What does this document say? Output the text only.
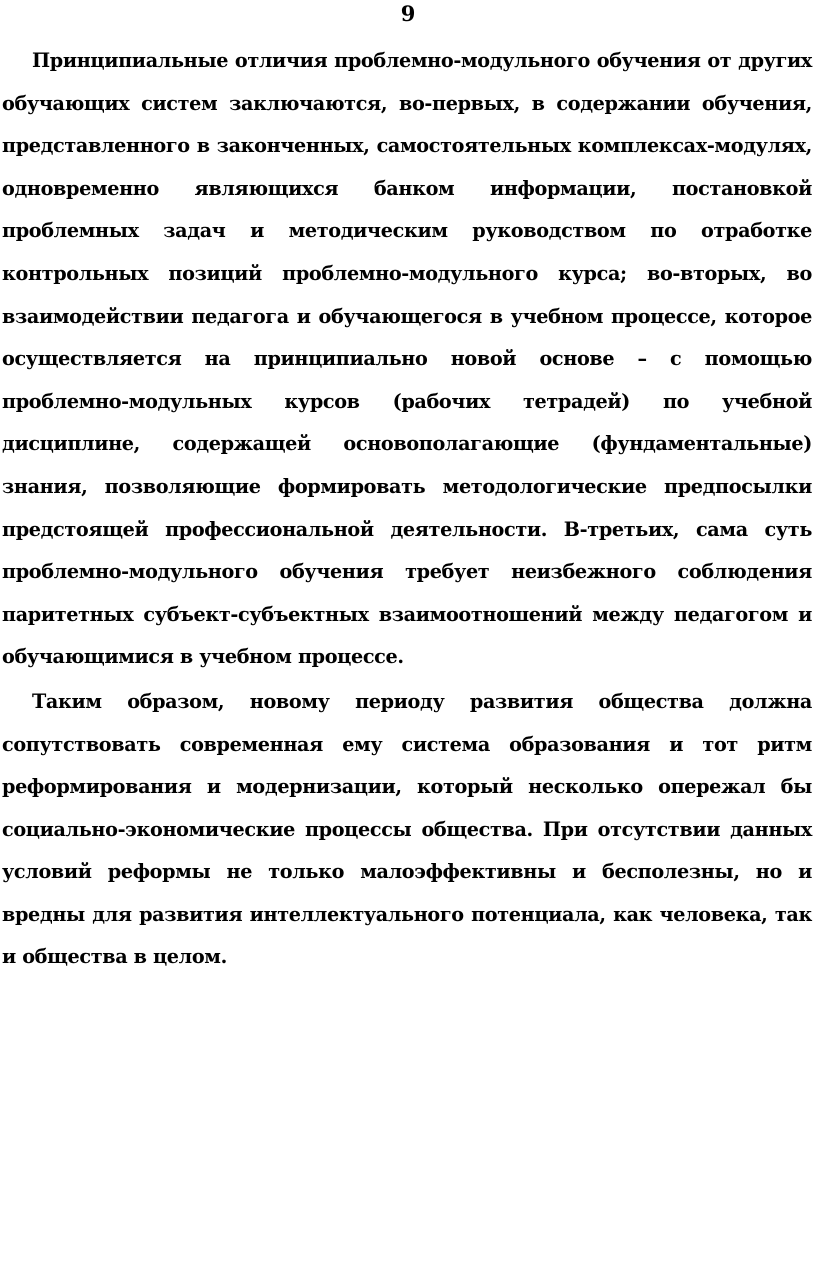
9

Принципиальные отличия проблемно-модульного обучения от других обучающих систем заключаются, во-первых, в содержании обучения, представленного в законченных, самостоятельных комплексах-модулях, одновременно являющихся банком информации, постановкой проблемных задач и методическим руководством по отработке контрольных позиций проблемно-модульного курса; во-вторых, во взаимодействии педагога и обучающегося в учебном процессе, которое осуществляется на принципиально новой основе – с помощью проблемно-модульных курсов (рабочих тетрадей) по учебной дисциплине, содержащей основополагающие (фундаментальные) знания, позволяющие формировать методологические предпосылки предстоящей профессиональной деятельности. В-третьих, сама суть проблемно-модульного обучения требует неизбежного соблюдения паритетных субъект-субъектных взаимоотношений между педагогом и обучающимися в учебном процессе.

Таким образом, новому периоду развития общества должна сопутствовать современная ему система образования и тот ритм реформирования и модернизации, который несколько опережал бы социально-экономические процессы общества. При отсутствии данных условий реформы не только малоэффективны и бесполезны, но и вредны для развития интеллектуального потенциала, как человека, так и общества в целом.
